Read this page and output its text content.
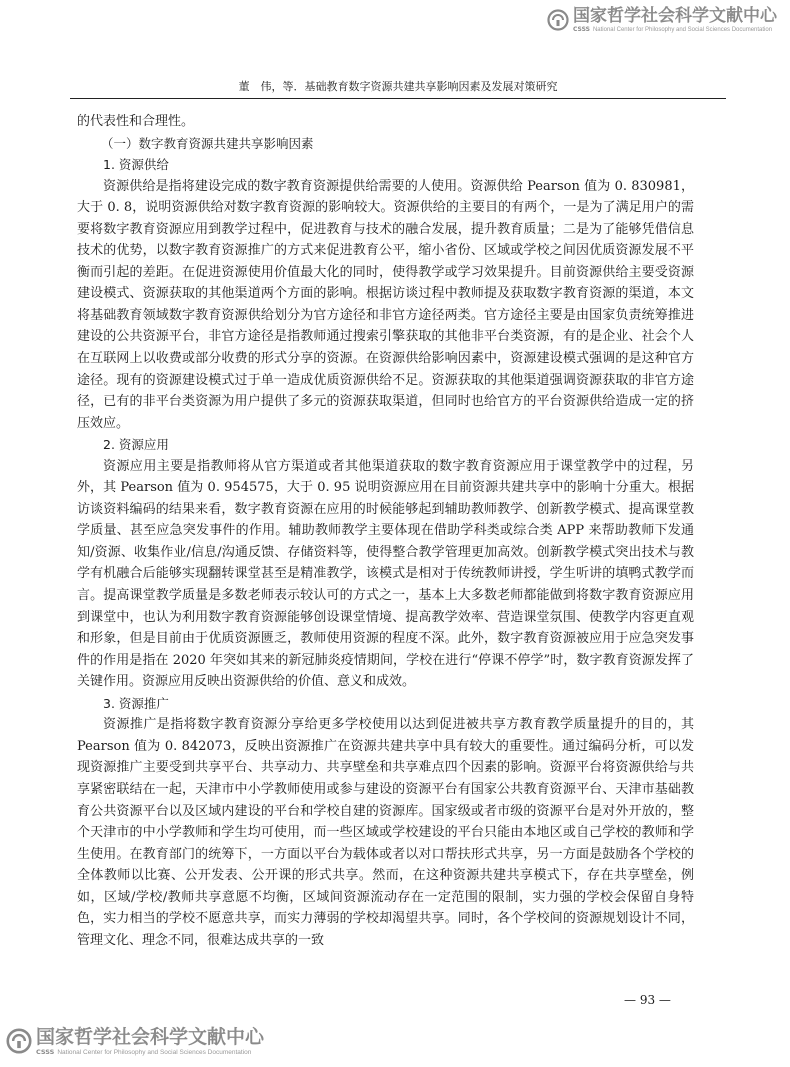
国家哲学社会科学文献中心
CSSS National Center for Philosophy and Social Sciences Documentation
董　伟，等．基础教育数字资源共建共享影响因素及发展对策研究

的代表性和合理性。

（一）数字教育资源共建共享影响因素

1. 资源供给

资源供给是指将建设完成的数字教育资源提供给需要的人使用。资源供给 Pearson 值为 0. 830981，大于 0. 8，说明资源供给对数字教育资源的影响较大。资源供给的主要目的有两个，一是为了满足用户的需要将数字教育资源应用到教学过程中，促进教育与技术的融合发展，提升教育质量；二是为了能够凭借信息技术的优势，以数字教育资源推广的方式来促进教育公平，缩小省份、区域或学校之间因优质资源发展不平衡而引起的差距。在促进资源使用价值最大化的同时，使得教学或学习效果提升。目前资源供给主要受资源建设模式、资源获取的其他渠道两个方面的影响。根据访谈过程中教师提及获取数字教育资源的渠道，本文将基础教育领域数字教育资源供给划分为官方途径和非官方途径两类。官方途径主要是由国家负责统筹推进建设的公共资源平台，非官方途径是指教师通过搜索引擎获取的其他非平台类资源，有的是企业、社会个人在互联网上以收费或部分收费的形式分享的资源。在资源供给影响因素中，资源建设模式强调的是这种官方途径。现有的资源建设模式过于单一造成优质资源供给不足。资源获取的其他渠道强调资源获取的非官方途径，已有的非平台类资源为用户提供了多元的资源获取渠道，但同时也给官方的平台资源供给造成一定的挤压效应。

2. 资源应用

资源应用主要是指教师将从官方渠道或者其他渠道获取的数字教育资源应用于课堂教学中的过程，另外，其 Pearson 值为 0. 954575，大于 0. 95 说明资源应用在目前资源共建共享中的影响十分重大。根据访谈资料编码的结果来看，数字教育资源在应用的时候能够起到辅助教师教学、创新教学模式、提高课堂教学质量、甚至应急突发事件的作用。辅助教师教学主要体现在借助学科类或综合类 APP 来帮助教师下发通知/资源、收集作业/信息/沟通反馈、存储资料等，使得整合教学管理更加高效。创新教学模式突出技术与教学有机融合后能够实现翻转课堂甚至是精准教学，该模式是相对于传统教师讲授，学生听讲的填鸭式教学而言。提高课堂教学质量是多数老师表示较认可的方式之一，基本上大多数老师都能做到将数字教育资源应用到课堂中，也认为利用数字教育资源能够创设课堂情境、提高教学效率、营造课堂氛围、使教学内容更直观和形象，但是目前由于优质资源匮乏，教师使用资源的程度不深。此外，数字教育资源被应用于应急突发事件的作用是指在 2020 年突如其来的新冠肺炎疫情期间，学校在进行“停课不停学”时，数字教育资源发挥了关键作用。资源应用反映出资源供给的价值、意义和成效。

3. 资源推广

资源推广是指将数字教育资源分享给更多学校使用以达到促进被共享方教育教学质量提升的目的，其 Pearson 值为 0. 842073，反映出资源推广在资源共建共享中具有较大的重要性。通过编码分析，可以发现资源推广主要受到共享平台、共享动力、共享壁垒和共享难点四个因素的影响。资源平台将资源供给与共享紧密联结在一起，天津市中小学教师使用或参与建设的资源平台有国家公共教育资源平台、天津市基础教育公共资源平台以及区域内建设的平台和学校自建的资源库。国家级或者市级的资源平台是对外开放的，整个天津市的中小学教师和学生均可使用，而一些区域或学校建设的平台只能由本地区或自己学校的教师和学生使用。在教育部门的统筹下，一方面以平台为载体或者以对口帮扶形式共享，另一方面是鼓励各个学校的全体教师以比赛、公开发表、公开课的形式共享。然而，在这种资源共建共享模式下，存在共享壁垒，例如，区域/学校/教师共享意愿不均衡，区域间资源流动存在一定范围的限制，实力强的学校会保留自身特色，实力相当的学校不愿意共享，而实力薄弱的学校却渴望共享。同时，各个学校间的资源规划设计不同，管理文化、理念不同，很难达成共享的一致

— 93 —
国家哲学社会科学文献中心
CSSS National Center for Philosophy and Social Sciences Documentation
